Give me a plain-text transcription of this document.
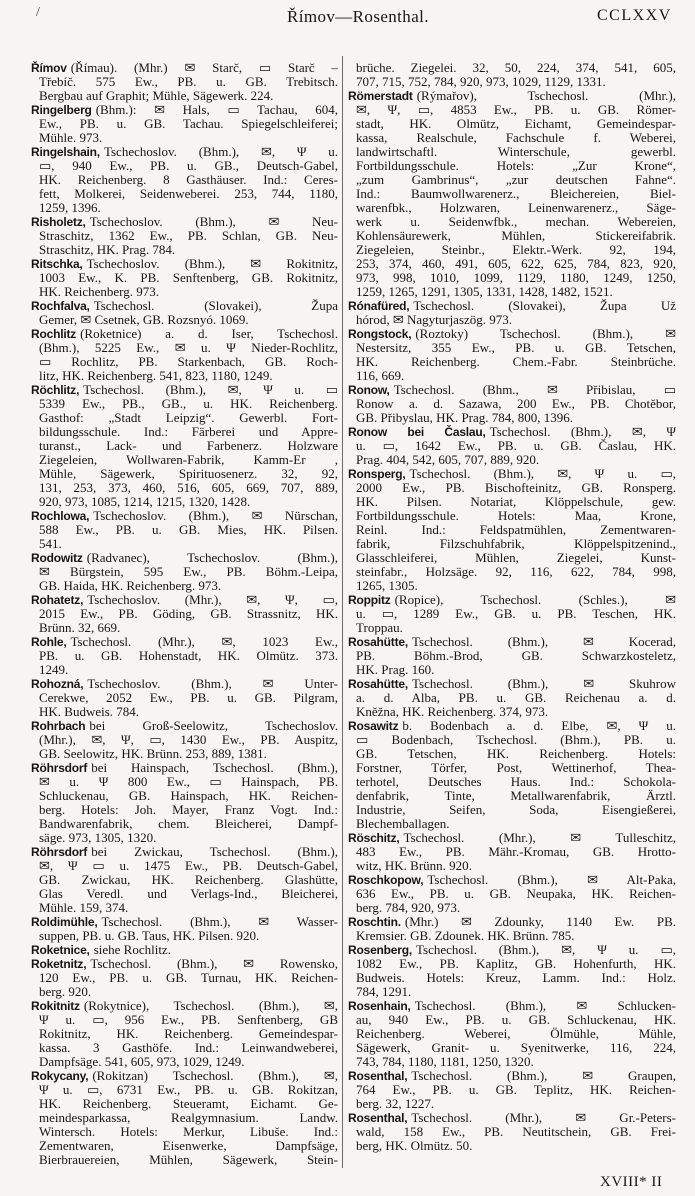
/	Římov—Rosenthal.	CCLXXV
Římov (Římau). (Mhr.) ✉ Starč, ▭ Starč –
Třebíč. 575 Ew., PB. u. GB. Trebitsch.
Bergbau auf Graphit; Mühle, Sägewerk. 224.
Ringelberg (Bhm.): ✉ Hals, ▭ Tachau, 604,
Ew., PB. u. GB. Tachau. Spiegelschleiferei;
Mühle. 973.
Ringelshain, Tschechoslov. (Bhm.), ✉, Ψ u.
▭, 940 Ew., PB. u. GB., Deutsch-Gabel,
HK. Reichenberg. 8 Gasthäuser. Ind.: Ceres-
fett, Molkerei, Seidenweberei. 253, 744, 1180,
1259, 1396.
Risholetz, Tschechoslov. (Bhm.), ✉ Neu-
Straschitz, 1362 Ew., PB. Schlan, GB. Neu-
Straschitz, HK. Prag. 784.
Ritschka, Tschechoslov. (Bhm.), ✉ Rokitnitz,
1003 Ew., K. PB. Senftenberg, GB. Rokitnitz,
HK. Reichenberg. 973.
Rochfalva, Tschechosl. (Slovakei), Župa
Gemer, ✉ Csetnek, GB. Rozsnyó. 1069.
Rochlitz (Roketnice) a. d. Iser, Tschechosl.
(Bhm.), 5225 Ew., ✉ u. Ψ Nieder-Rochlitz,
▭ Rochlitz, PB. Starkenbach, GB. Roch-
litz, HK. Reichenberg. 541, 823, 1180, 1249.
Röchlitz, Tschechosl. (Bhm.), ✉, Ψ u. ▭
5339 Ew., PB., GB., u. HK. Reichenberg.
Gasthof: „Stadt Leipzig“. Gewerbl. Fort-
bildungsschule. Ind.: Färberei und Appre-
turanst., Lack- und Farbenerz. Holzware
Ziegeleien, Wollwaren-Fabrik, Kamm-Er ,
Mühle, Sägewerk, Spirituosenerz. 32, 92,
131, 253, 373, 460, 516, 605, 669, 707, 889,
920, 973, 1085, 1214, 1215, 1320, 1428.
Rochlowa, Tschechoslov. (Bhm.), ✉ Nürschan,
588 Ew., PB. u. GB. Mies, HK. Pilsen.
541.
Rodowitz (Radvanec), Tschechoslov. (Bhm.),
✉ Bürgstein, 595 Ew., PB. Böhm.-Leipa,
GB. Haida, HK. Reichenberg. 973.
Rohatetz, Tschechoslov. (Mhr.), ✉, Ψ, ▭,
2015 Ew., PB. Göding, GB. Strassnitz, HK.
Brünn. 32, 669.
Rohle, Tschechosl. (Mhr.), ✉, 1023 Ew.,
PB. u. GB. Hohenstadt, HK. Olmütz. 373.
1249.
Rohozná, Tschechoslov. (Bhm.), ✉ Unter-
Cerekwe, 2052 Ew., PB. u. GB. Pilgram,
HK. Budweis. 784.
Rohrbach bei Groß-Seelowitz, Tschechoslov.
(Mhr.), ✉, Ψ, ▭, 1430 Ew., PB. Auspitz,
GB. Seelowitz, HK. Brünn. 253, 889, 1381.
Röhrsdorf bei Hainspach, Tschechosl. (Bhm.),
✉ u. Ψ 800 Ew., ▭ Hainspach, PB.
Schluckenau, GB. Hainspach, HK. Reichen-
berg. Hotels: Joh. Mayer, Franz Vogt. Ind.:
Bandwarenfabrik, chem. Bleicherei, Dampf-
säge. 973, 1305, 1320.
Röhrsdorf bei Zwickau, Tschechosl. (Bhm.),
✉, Ψ ▭ u. 1475 Ew., PB. Deutsch-Gabel,
GB. Zwickau, HK. Reichenberg. Glashütte,
Glas Veredl. und Verlags-Ind., Bleicherei,
Mühle. 159, 374.
Roldimühle, Tschechosl. (Bhm.), ✉ Wasser-
suppen, PB. u. GB. Taus, HK. Pilsen. 920.
Roketnice, siehe Rochlitz.
Roketnitz, Tschechosl. (Bhm.), ✉ Rowensko,
120 Ew., PB. u. GB. Turnau, HK. Reichen-
berg. 920.
Rokitnitz (Rokytnice), Tschechosl. (Bhm.), ✉,
Ψ u. ▭, 956 Ew., PB. Senftenberg, GB
Rokitnitz, HK. Reichenberg. Gemeindespar-
kassa. 3 Gasthöfe. Ind.: Leinwandweberei,
Dampfsäge. 541, 605, 973, 1029, 1249.
Rokycany, (Rokitzan) Tschechosl. (Bhm.), ✉,
Ψ u. ▭, 6731 Ew., PB. u. GB. Rokitzan,
HK. Reichenberg. Steueramt, Eichamt. Ge-
meindesparkassa, Realgymnasium. Landw.
Wintersch. Hotels: Merkur, Libuše. Ind.:
Zementwaren, Eisenwerke, Dampfsäge,
Bierbrauereien, Mühlen, Sägewerk, Stein-
brüche. Ziegelei. 32, 50, 224, 374, 541, 605,
707, 715, 752, 784, 920, 973, 1029, 1129, 1331.
Römerstadt (Rýmařov), Tschechosl. (Mhr.),
✉, Ψ, ▭, 4853 Ew., PB. u. GB. Römer-
stadt, HK. Olmütz, Eichamt, Gemeindespar-
kassa, Realschule, Fachschule f. Weberei,
landwirtschaftl. Winterschule, gewerbl.
Fortbildungsschule. Hotels: „Zur Krone“,
„zum Gambrinus“, „zur deutschen Fahne“.
Ind.: Baumwollwarenerz., Bleichereien, Biel-
warenfbk., Holzwaren, Leinenwarenerz., Säge-
werk u. Seidenwfbk., mechan. Webereien,
Kohlensäurewerk, Mühlen, Stickereifabrik.
Ziegeleien, Steinbr., Elektr.-Werk. 92, 194,
253, 374, 460, 491, 605, 622, 625, 784, 823, 920,
973, 998, 1010, 1099, 1129, 1180, 1249, 1250,
1259, 1265, 1291, 1305, 1331, 1428, 1482, 1521.
Rónafüred, Tschechosl. (Slovakei), Župa Už
hórod, ✉ Nagyturjaszög. 973.
Rongstock, (Roztoky) Tschechosl. (Bhm.), ✉
Nestersitz, 355 Ew., PB. u. GB. Tetschen,
HK. Reichenberg. Chem.-Fabr. Steinbrüche.
116, 669.
Ronow, Tschechosl. (Bhm., ✉ Přibislau, ▭
Ronow a. d. Sazawa, 200 Ew., PB. Chotěbor,
GB. Přibyslau, HK. Prag. 784, 800, 1396.
Ronow bei Časlau, Tschechosl. (Bhm.), ✉, Ψ
u. ▭, 1642 Ew., PB. u. GB. Časlau, HK.
Prag. 404, 542, 605, 707, 889, 920.
Ronsperg, Tschechosl. (Bhm.), ✉, Ψ u. ▭,
2000 Ew., PB. Bischofteinitz, GB. Ronsperg.
HK. Pilsen. Notariat, Klöppelschule, gew.
Fortbildungsschule. Hotels: Maa, Krone,
Reinl. Ind.: Feldspatmühlen, Zementwaren-
fabrik, Filzschuhfabrik, Klöppelspitzenind.,
Glasschleiferei, Mühlen, Ziegelei, Kunst-
steinfabr., Holzsäge. 92, 116, 622, 784, 998,
1265, 1305.
Roppitz (Ropice), Tschechosl. (Schles.), ✉
u. ▭, 1289 Ew., GB. u. PB. Teschen, HK.
Troppau.
Rosahütte, Tschechosl. (Bhm.), ✉ Kocerad,
PB. Böhm.-Brod, GB. Schwarzkosteletz,
HK. Prag. 160.
Rosahütte, Tschechosl. (Bhm.), ✉ Skuhrow
a. d. Alba, PB. u. GB. Reichenau a. d.
Kněžna, HK. Reichenberg. 374, 973.
Rosawitz b. Bodenbach a. d. Elbe, ✉, Ψ u.
▭ Bodenbach, Tschechosl. (Bhm.), PB. u.
GB. Tetschen, HK. Reichenberg. Hotels:
Forstner, Törfer, Post, Wettinerhof, Thea-
terhotel, Deutsches Haus. Ind.: Schokola-
denfabrik, Tinte, Metallwarenfabrik, Ärztl.
Industrie, Seifen, Soda, Eisengießerei,
Blechemballagen.
Röschitz, Tschechosl. (Mhr.), ✉ Tulleschitz,
483 Ew., PB. Mähr.-Kromau, GB. Hrotto-
witz, HK. Brünn. 920.
Roschkopow, Tschechosl. (Bhm.), ✉ Alt-Paka,
636 Ew., PB. u. GB. Neupaka, HK. Reichen-
berg. 784, 920, 973.
Roschtin. (Mhr.) ✉ Zdounky, 1140 Ew. PB.
Kremsier. GB. Zdounek. HK. Brünn. 785.
Rosenberg, Tschechosl. (Bhm.), ✉, Ψ u. ▭,
1082 Ew., PB. Kaplitz, GB. Hohenfurth, HK.
Budweis. Hotels: Kreuz, Lamm. Ind.: Holz.
784, 1291.
Rosenhain, Tschechosl. (Bhm.), ✉ Schlucken-
au, 940 Ew., PB. u. GB. Schluckenau, HK.
Reichenberg. Weberei, Ölmühle, Mühle,
Sägewerk, Granit- u. Syenitwerke, 116, 224,
743, 784, 1180, 1181, 1250, 1320.
Rosenthal, Tschechosl. (Bhm.), ✉ Graupen,
764 Ew., PB. u. GB. Teplitz, HK. Reichen-
berg. 32, 1227.
Rosenthal, Tschechosl. (Mhr.), ✉ Gr.-Peters-
wald, 158 Ew., PB. Neutitschein, GB. Frei-
berg, HK. Olmütz. 50.
XVIII* II
